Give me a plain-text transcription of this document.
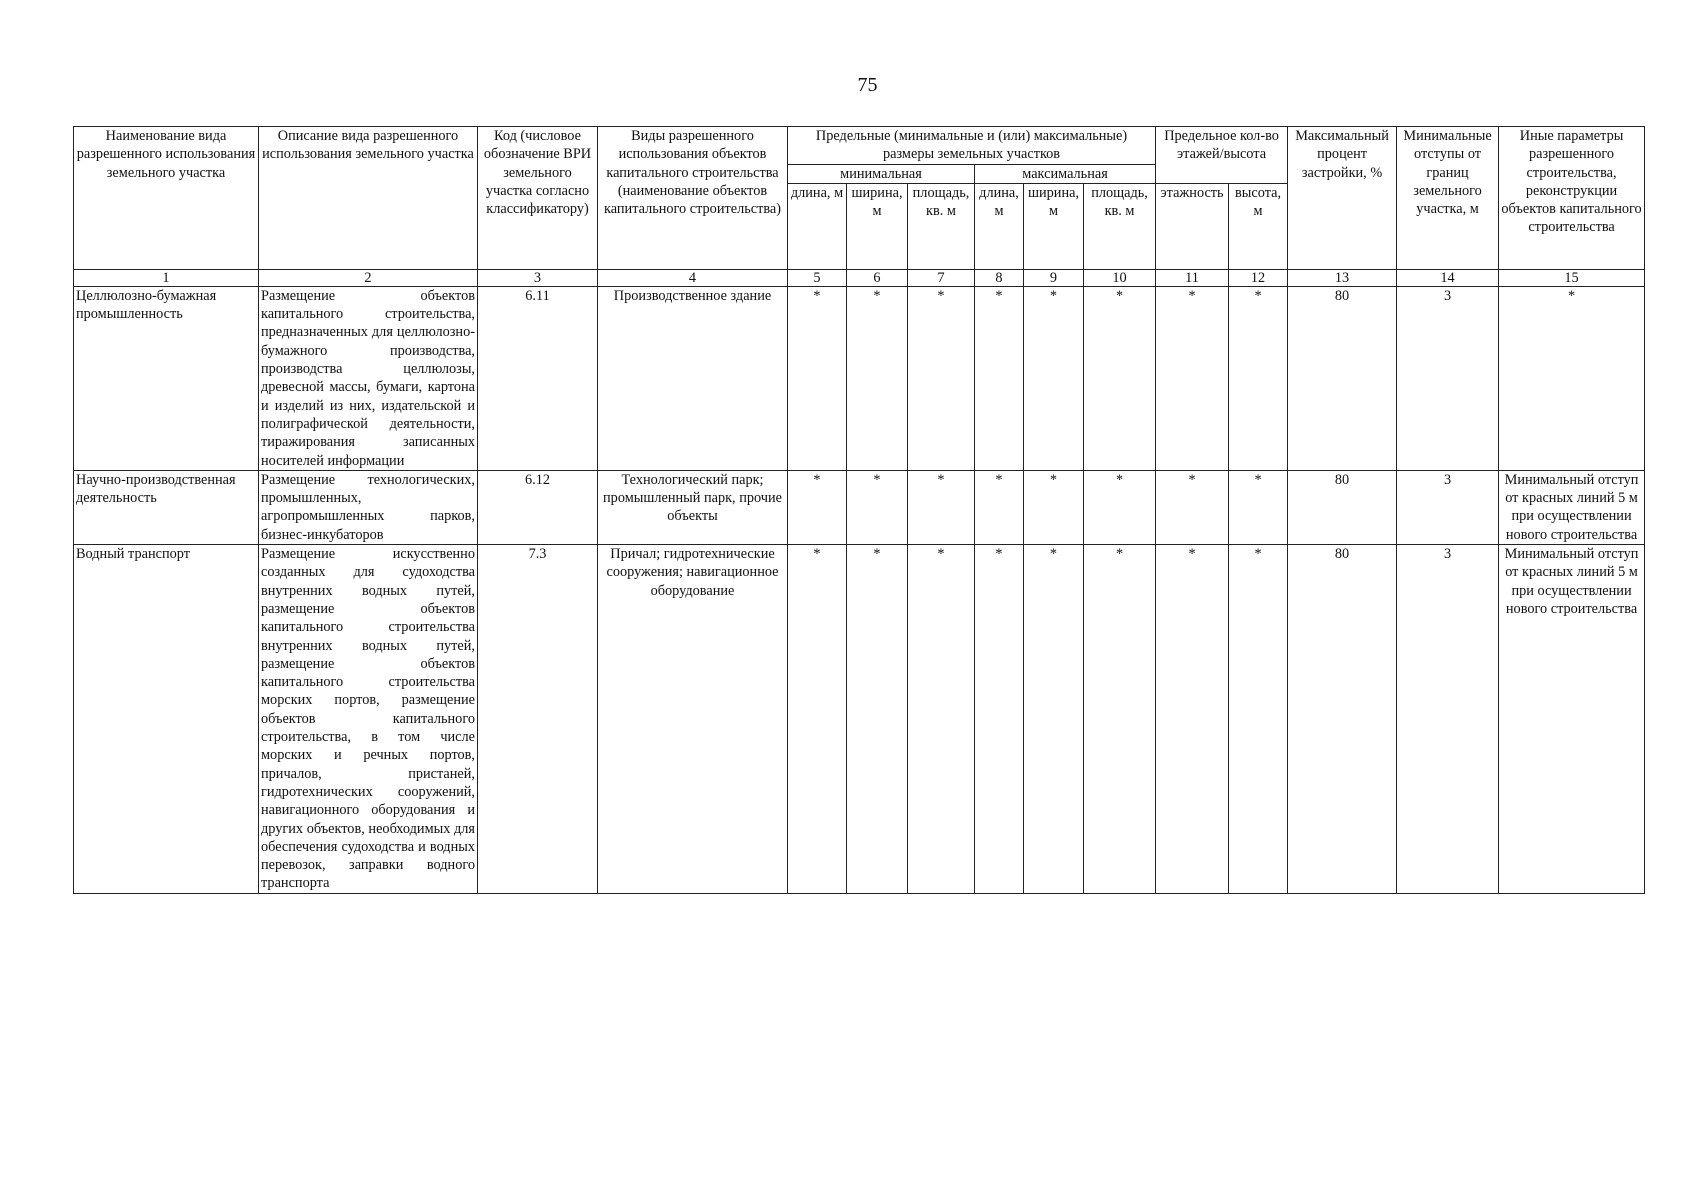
75
Наименование вида разрешенного использования земельного участка	Описание вида разрешенного использования земельного участка	Код (числовое обозначение ВРИ земельного участка согласно классификатору)	Виды разрешенного использования объектов капитального строительства (наименование объектов капитального строительства)	Предельные (минимальные и (или) максимальные) размеры земельных участков						Предельное кол-во этажей/высота		Максимальный процент застройки, %	Минимальные отступы от границ земельного участка, м	Иные параметры разрешенного строительства, реконструкции объектов капитального строительства
				минимальная			максимальная							
				длина, м	ширина, м	площадь, кв. м	длина, м	ширина, м	площадь, кв. м	этажность	высота, м			
1	2	3	4	5	6	7	8	9	10	11	12	13	14	15
Целлюлозно-бумажная промышленность	Размещение объектов капитального строительства, предназначенных для целлюлозно-бумажного производства, производства целлюлозы, древесной массы, бумаги, картона и изделий из них, издательской и полиграфической деятельности, тиражирования записанных носителей информации	6.11	Производственное здание	*	*	*	*	*	*	*	*	80	3	*
Научно-производственная деятельность	Размещение технологических, промышленных, агропромышленных парков, бизнес-инкубаторов	6.12	Технологический парк; промышленный парк, прочие объекты	*	*	*	*	*	*	*	*	80	3	Минимальный отступ от красных линий 5 м при осуществлении нового строительства
Водный транспорт	Размещение искусственно созданных для судоходства внутренних водных путей, размещение объектов капитального строительства внутренних водных путей, размещение объектов капитального строительства морских портов, размещение объектов капитального строительства, в том числе морских и речных портов, причалов, пристаней, гидротехнических сооружений, навигационного оборудования и других объектов, необходимых для обеспечения судоходства и водных перевозок, заправки водного транспорта	7.3	Причал; гидротехнические сооружения; навигационное оборудование	*	*	*	*	*	*	*	*	80	3	Минимальный отступ от красных линий 5 м при осуществлении нового строительства
